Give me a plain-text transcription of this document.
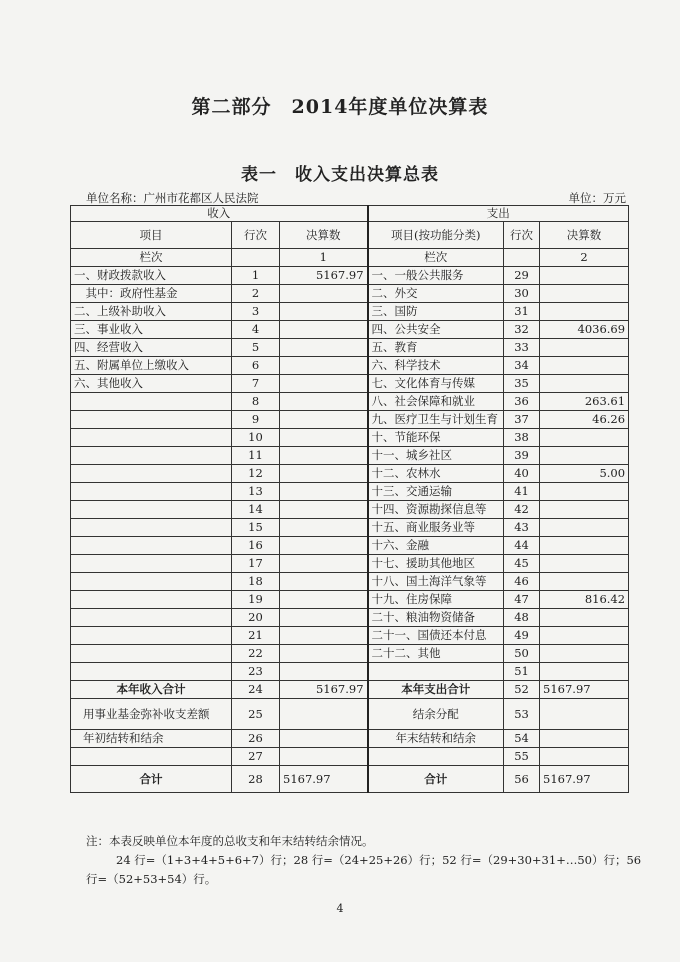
第二部分　2014年度单位决算表
表一　收入支出决算总表
单位名称：广州市花都区人民法院	单位：万元
收入			支出		
项目	行次	决算数	项目(按功能分类)	行次	决算数
栏次		1	栏次		2
一、财政拨款收入	1	5167.97	一、一般公共服务	29	
　其中：政府性基金	2		二、外交	30	
二、上级补助收入	3		三、国防	31	
三、事业收入	4		四、公共安全	32	4036.69
四、经营收入	5		五、教育	33	
五、附属单位上缴收入	6		六、科学技术	34	
六、其他收入	7		七、文化体育与传媒	35	
	8		八、社会保障和就业	36	263.61
	9		九、医疗卫生与计划生育	37	46.26
	10		十、节能环保	38	
	11		十一、城乡社区	39	
	12		十二、农林水	40	5.00
	13		十三、交通运输	41	
	14		十四、资源勘探信息等	42	
	15		十五、商业服务业等	43	
	16		十六、金融	44	
	17		十七、援助其他地区	45	
	18		十八、国土海洋气象等	46	
	19		十九、住房保障	47	816.42
	20		二十、粮油物资储备	48	
	21		二十一、国债还本付息	49	
	22		二十二、其他	50	
	23			51	
本年收入合计	24	5167.97	本年支出合计	52	5167.97
用事业基金弥补收支差额	25		结余分配	53	
年初结转和结余	26		年末结转和结余	54	
	27			55	
合计	28	5167.97	合计	56	5167.97
注：本表反映单位本年度的总收支和年末结转结余情况。
24 行=（1+3+4+5+6+7）行；28 行=（24+25+26）行；52 行=（29+30+31+…50）行；56
行=（52+53+54）行。
4
